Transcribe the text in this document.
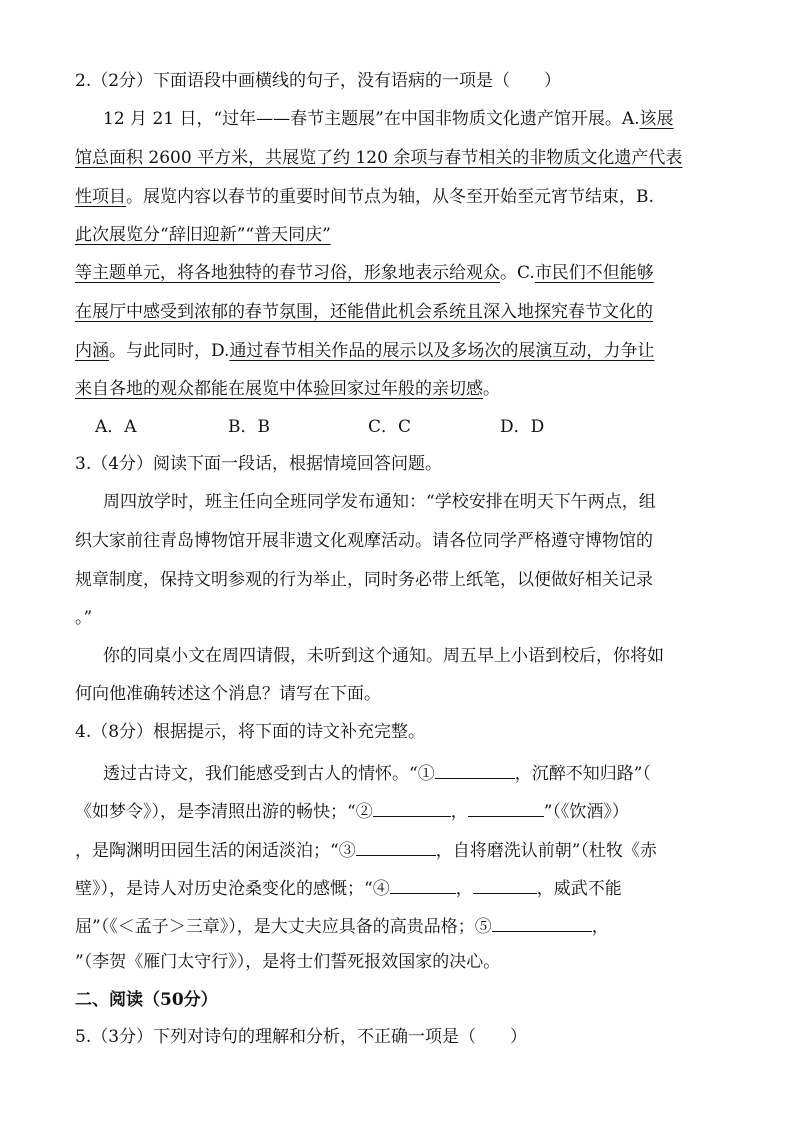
2.（2分）下面语段中画横线的句子，没有语病的一项是（　　）
12 月 21 日，“过年——春节主题展”在中国非物质文化遗产馆开展。A.该展
馆总面积 2600 平方米，共展览了约 120 余项与春节相关的非物质文化遗产代表
性项目。展览内容以春节的重要时间节点为轴，从冬至开始至元宵节结束，B.
此次展览分“辞旧迎新”“普天同庆”
等主题单元，将各地独特的春节习俗，形象地表示给观众。C.市民们不但能够
在展厅中感受到浓郁的春节氛围，还能借此机会系统且深入地探究春节文化的
内涵。与此同时，D.通过春节相关作品的展示以及多场次的展演互动，力争让
来自各地的观众都能在展览中体验回家过年般的亲切感。
A．A	B．B	C．C	D．D
3.（4分）阅读下面一段话，根据情境回答问题。
周四放学时，班主任向全班同学发布通知：“学校安排在明天下午两点，组
织大家前往青岛博物馆开展非遗文化观摩活动。请各位同学严格遵守博物馆的
规章制度，保持文明参观的行为举止，同时务必带上纸笔，以便做好相关记录
。”
你的同桌小文在周四请假，未听到这个通知。周五早上小语到校后，你将如
何向他准确转述这个消息？请写在下面。
4.（8分）根据提示，将下面的诗文补充完整。
透过古诗文，我们能感受到古人的情怀。“①	，沉醉不知归路”（
《如梦令》），是李清照出游的畅快；“②	，	”（《饮酒》）
，是陶渊明田园生活的闲适淡泊；“③	，自将磨洗认前朝”（杜牧《赤
壁》），是诗人对历史沧桑变化的感慨；“④	，	，威武不能
屈”（《＜孟子＞三章》），是大丈夫应具备的高贵品格；⑤	，
”（李贺《雁门太守行》），是将士们誓死报效国家的决心。
二、阅读（50分）
5.（3分）下列对诗句的理解和分析，不正确一项是（　　）
